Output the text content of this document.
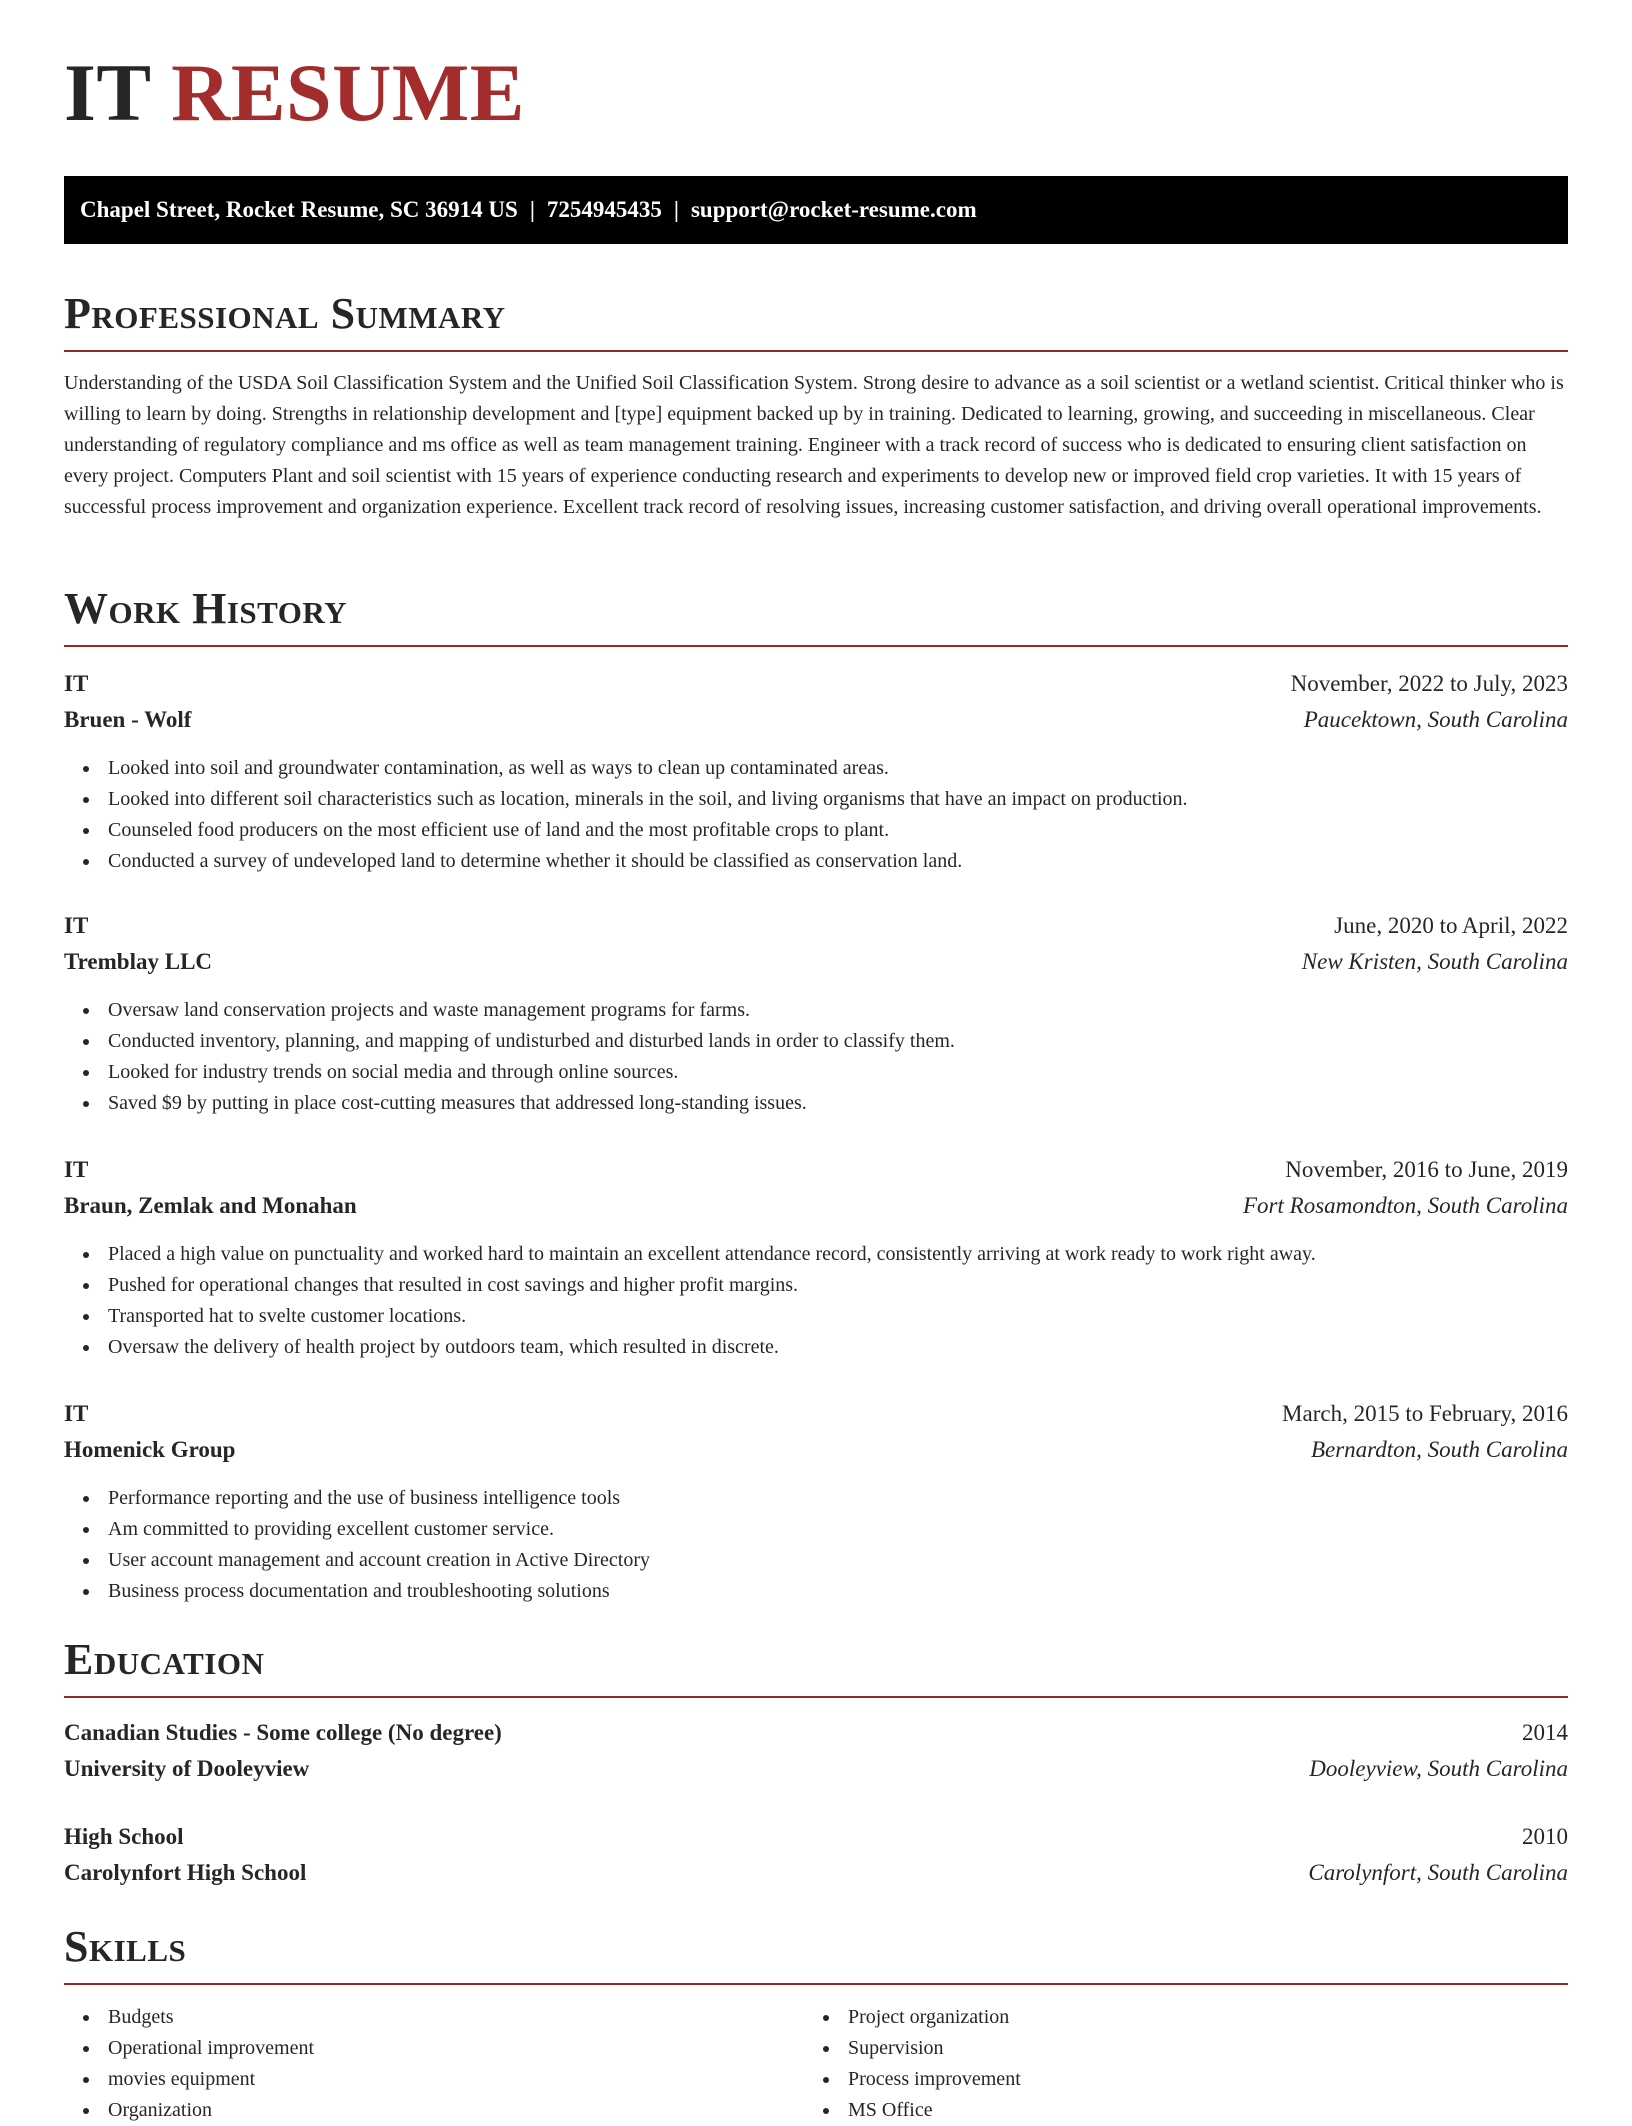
IT RESUME
Chapel Street, Rocket Resume, SC 36914 US | 7254945435 | support@rocket-resume.com
Professional Summary

Understanding of the USDA Soil Classification System and the Unified Soil Classification System. Strong desire to advance as a soil scientist or a wetland scientist. Critical thinker who is willing to learn by doing. Strengths in relationship development and [type] equipment backed up by in training. Dedicated to learning, growing, and succeeding in miscellaneous. Clear understanding of regulatory compliance and ms office as well as team management training. Engineer with a track record of success who is dedicated to ensuring client satisfaction on every project. Computers Plant and soil scientist with 15 years of experience conducting research and experiments to develop new or improved field crop varieties. It with 15 years of successful process improvement and organization experience. Excellent track record of resolving issues, increasing customer satisfaction, and driving overall operational improvements.

Work History
IT	November, 2022 to July, 2023
Bruen - Wolf	Paucektown, South Carolina
Looked into soil and groundwater contamination, as well as ways to clean up contaminated areas.
Looked into different soil characteristics such as location, minerals in the soil, and living organisms that have an impact on production.
Counseled food producers on the most efficient use of land and the most profitable crops to plant.
Conducted a survey of undeveloped land to determine whether it should be classified as conservation land.
IT	June, 2020 to April, 2022
Tremblay LLC	New Kristen, South Carolina
Oversaw land conservation projects and waste management programs for farms.
Conducted inventory, planning, and mapping of undisturbed and disturbed lands in order to classify them.
Looked for industry trends on social media and through online sources.
Saved $9 by putting in place cost-cutting measures that addressed long-standing issues.
IT	November, 2016 to June, 2019
Braun, Zemlak and Monahan	Fort Rosamondton, South Carolina
Placed a high value on punctuality and worked hard to maintain an excellent attendance record, consistently arriving at work ready to work right away.
Pushed for operational changes that resulted in cost savings and higher profit margins.
Transported hat to svelte customer locations.
Oversaw the delivery of health project by outdoors team, which resulted in discrete.
IT	March, 2015 to February, 2016
Homenick Group	Bernardton, South Carolina
Performance reporting and the use of business intelligence tools
Am committed to providing excellent customer service.
User account management and account creation in Active Directory
Business process documentation and troubleshooting solutions
Education
Canadian Studies - Some college (No degree)	2014
University of Dooleyview	Dooleyview, South Carolina
High School	2010
Carolynfort High School	Carolynfort, South Carolina
Skills
Budgets
Operational improvement
movies equipment
Organization
Project organization
Supervision
Process improvement
MS Office
